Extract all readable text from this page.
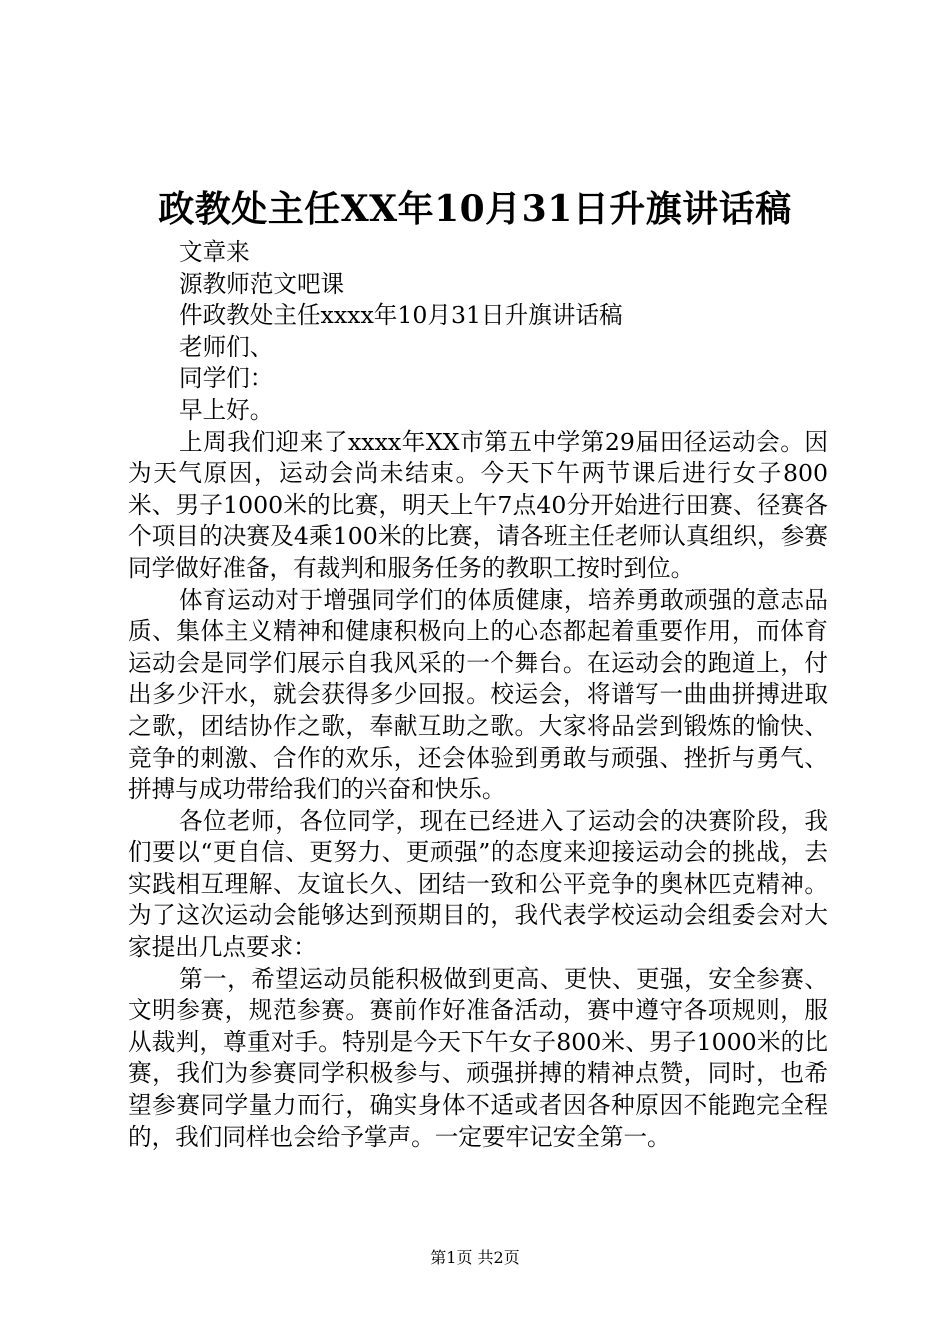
政教处主任XX年10月31日升旗讲话稿

文章来

源教师范文吧课

件政教处主任xxxx年10月31日升旗讲话稿

老师们、

同学们：

早上好。

上周我们迎来了xxxx年XX市第五中学第29届田径运动会。因为天气原因，运动会尚未结束。今天下午两节课后进行女子800米、男子1000米的比赛，明天上午7点40分开始进行田赛、径赛各个项目的决赛及4乘100米的比赛，请各班主任老师认真组织，参赛同学做好准备，有裁判和服务任务的教职工按时到位。

体育运动对于增强同学们的体质健康，培养勇敢顽强的意志品质、集体主义精神和健康积极向上的心态都起着重要作用，而体育运动会是同学们展示自我风采的一个舞台。在运动会的跑道上，付出多少汗水，就会获得多少回报。校运会，将谱写一曲曲拼搏进取之歌，团结协作之歌，奉献互助之歌。大家将品尝到锻炼的愉快、竞争的刺激、合作的欢乐，还会体验到勇敢与顽强、挫折与勇气、拼搏与成功带给我们的兴奋和快乐。

各位老师，各位同学，现在已经进入了运动会的决赛阶段，我们要以“更自信、更努力、更顽强”的态度来迎接运动会的挑战，去实践相互理解、友谊长久、团结一致和公平竞争的奥林匹克精神。为了这次运动会能够达到预期目的，我代表学校运动会组委会对大家提出几点要求：

第一，希望运动员能积极做到更高、更快、更强，安全参赛、文明参赛，规范参赛。赛前作好准备活动，赛中遵守各项规则，服从裁判，尊重对手。特别是今天下午女子800米、男子1000米的比赛，我们为参赛同学积极参与、顽强拼搏的精神点赞，同时，也希望参赛同学量力而行，确实身体不适或者因各种原因不能跑完全程的，我们同样也会给予掌声。一定要牢记安全第一。

第1页 共2页
